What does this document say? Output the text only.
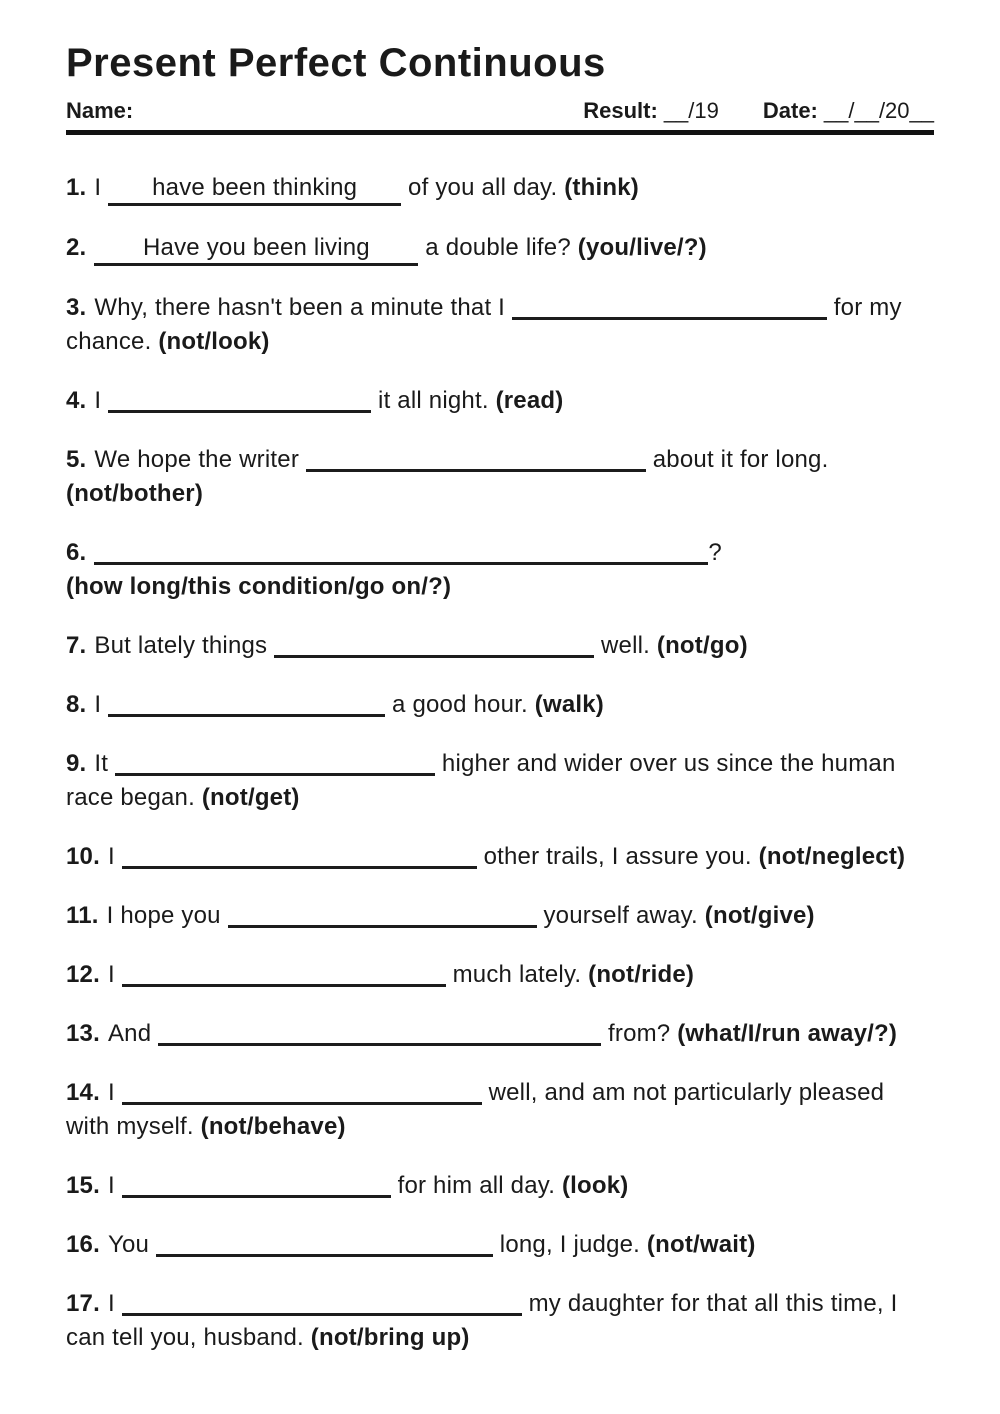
Present Perfect Continuous
Name:	Result: __/19 Date: __/__/20__

1. I have been thinking of you all day. (think)

2. Have you been living a double life? (you/live/?)

3. Why, there hasn't been a minute that I	for my
chance. (not/look)

4. I	it all night. (read)

5. We hope the writer	about it for long.
(not/bother)

6.	?
(how long/this condition/go on/?)

7. But lately things	well. (not/go)

8. I	a good hour. (walk)

9. It	higher and wider over us since the human
race began. (not/get)

10. I	other trails, I assure you. (not/neglect)

11. I hope you	yourself away. (not/give)

12. I	much lately. (not/ride)

13. And	from? (what/I/run away/?)

14. I	well, and am not particularly pleased
with myself. (not/behave)

15. I	for him all day. (look)

16. You	long, I judge. (not/wait)

17. I	my daughter for that all this time, I
can tell you, husband. (not/bring up)
